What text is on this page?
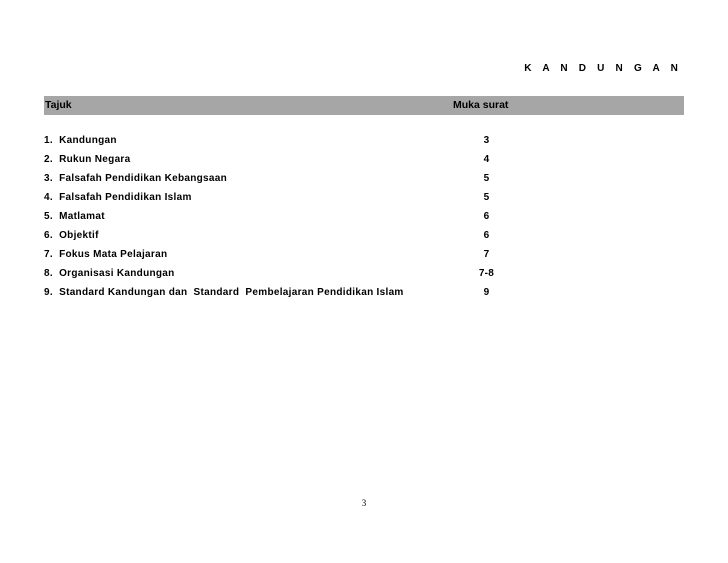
K A N D U N G A N
Tajuk	Muka surat
1.  Kandungan	3
2.  Rukun Negara	4
3.  Falsafah Pendidikan Kebangsaan	5
4.  Falsafah Pendidikan Islam	5
5.  Matlamat	6
6.  Objektif	6
7.  Fokus Mata Pelajaran	7
8.  Organisasi Kandungan	7-8
9.  Standard Kandungan dan  Standard  Pembelajaran Pendidikan Islam	9
3
